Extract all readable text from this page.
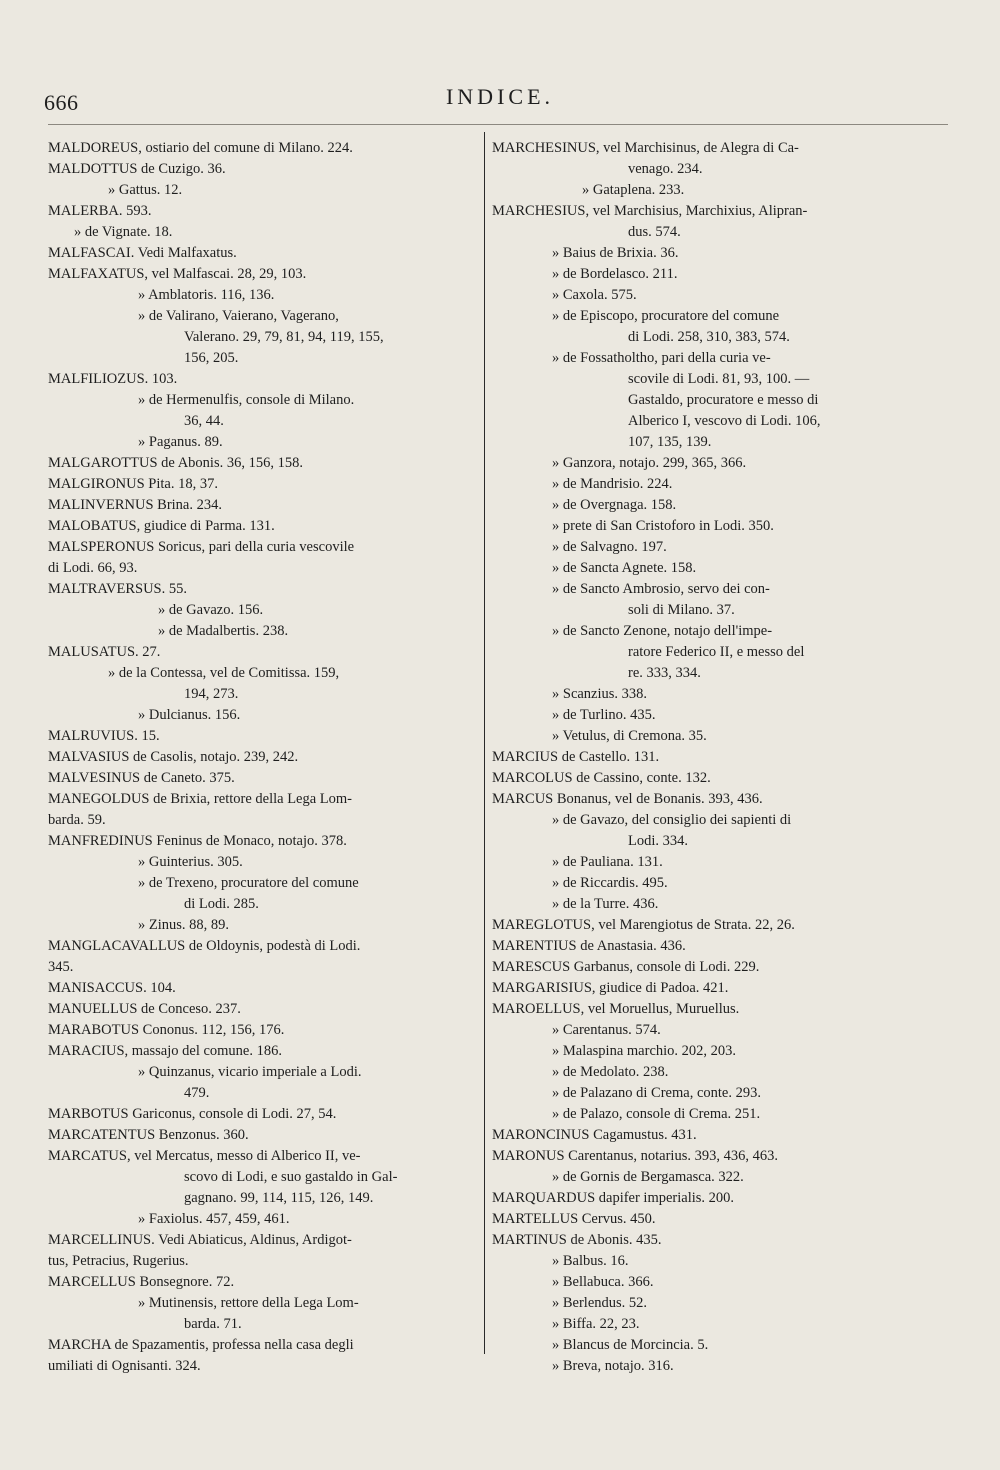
666	INDICE.
MALDOREUS, ostiario del comune di Milano. 224.
MALDOTTUS de Cuzigo. 36.
» Gattus. 12.
MALERBA. 593.
» de Vignate. 18.
MALFASCAI. Vedi Malfaxatus.
MALFAXATUS, vel Malfascai. 28, 29, 103.
» Amblatoris. 116, 136.
» de Valirano, Vaierano, Vagerano,
Valerano. 29, 79, 81, 94, 119, 155,
156, 205.
MALFILIOZUS. 103.
» de Hermenulfis, console di Milano.
36, 44.
» Paganus. 89.
MALGAROTTUS de Abonis. 36, 156, 158.
MALGIRONUS Pita. 18, 37.
MALINVERNUS Brina. 234.
MALOBATUS, giudice di Parma. 131.
MALSPERONUS Soricus, pari della curia vescovile
di Lodi. 66, 93.
MALTRAVERSUS. 55.
» de Gavazo. 156.
» de Madalbertis. 238.
MALUSATUS. 27.
» de la Contessa, vel de Comitissa. 159,
194, 273.
» Dulcianus. 156.
MALRUVIUS. 15.
MALVASIUS de Casolis, notajo. 239, 242.
MALVESINUS de Caneto. 375.
MANEGOLDUS de Brixia, rettore della Lega Lom-
barda. 59.
MANFREDINUS Feninus de Monaco, notajo. 378.
» Guinterius. 305.
» de Trexeno, procuratore del comune
di Lodi. 285.
» Zinus. 88, 89.
MANGLACAVALLUS de Oldoynis, podestà di Lodi.
345.
MANISACCUS. 104.
MANUELLUS de Conceso. 237.
MARABOTUS Cononus. 112, 156, 176.
MARACIUS, massajo del comune. 186.
» Quinzanus, vicario imperiale a Lodi.
479.
MARBOTUS Gariconus, console di Lodi. 27, 54.
MARCATENTUS Benzonus. 360.
MARCATUS, vel Mercatus, messo di Alberico II, ve-
scovo di Lodi, e suo gastaldo in Gal-
gagnano. 99, 114, 115, 126, 149.
» Faxiolus. 457, 459, 461.
MARCELLINUS. Vedi Abiaticus, Aldinus, Ardigot-
tus, Petracius, Rugerius.
MARCELLUS Bonsegnore. 72.
» Mutinensis, rettore della Lega Lom-
barda. 71.
MARCHA de Spazamentis, professa nella casa degli
umiliati di Ognisanti. 324.
MARCHESINUS, vel Marchisinus, de Alegra di Ca-
venago. 234.
» Gataplena. 233.
MARCHESIUS, vel Marchisius, Marchixius, Alipran-
dus. 574.
» Baius de Brixia. 36.
» de Bordelasco. 211.
» Caxola. 575.
» de Episcopo, procuratore del comune
di Lodi. 258, 310, 383, 574.
» de Fossatholtho, pari della curia ve-
scovile di Lodi. 81, 93, 100. —
Gastaldo, procuratore e messo di
Alberico I, vescovo di Lodi. 106,
107, 135, 139.
» Ganzora, notajo. 299, 365, 366.
» de Mandrisio. 224.
» de Overgnaga. 158.
» prete di San Cristoforo in Lodi. 350.
» de Salvagno. 197.
» de Sancta Agnete. 158.
» de Sancto Ambrosio, servo dei con-
soli di Milano. 37.
» de Sancto Zenone, notajo dell'impe-
ratore Federico II, e messo del
re. 333, 334.
» Scanzius. 338.
» de Turlino. 435.
» Vetulus, di Cremona. 35.
MARCIUS de Castello. 131.
MARCOLUS de Cassino, conte. 132.
MARCUS Bonanus, vel de Bonanis. 393, 436.
» de Gavazo, del consiglio dei sapienti di
Lodi. 334.
» de Pauliana. 131.
» de Riccardis. 495.
» de la Turre. 436.
MAREGLOTUS, vel Marengiotus de Strata. 22, 26.
MARENTIUS de Anastasia. 436.
MARESCUS Garbanus, console di Lodi. 229.
MARGARISIUS, giudice di Padoa. 421.
MAROELLUS, vel Moruellus, Muruellus.
» Carentanus. 574.
» Malaspina marchio. 202, 203.
» de Medolato. 238.
» de Palazano di Crema, conte. 293.
» de Palazo, console di Crema. 251.
MARONCINUS Cagamustus. 431.
MARONUS Carentanus, notarius. 393, 436, 463.
» de Gornis de Bergamasca. 322.
MARQUARDUS dapifer imperialis. 200.
MARTELLUS Cervus. 450.
MARTINUS de Abonis. 435.
» Balbus. 16.
» Bellabuca. 366.
» Berlendus. 52.
» Biffa. 22, 23.
» Blancus de Morcincia. 5.
» Breva, notajo. 316.
